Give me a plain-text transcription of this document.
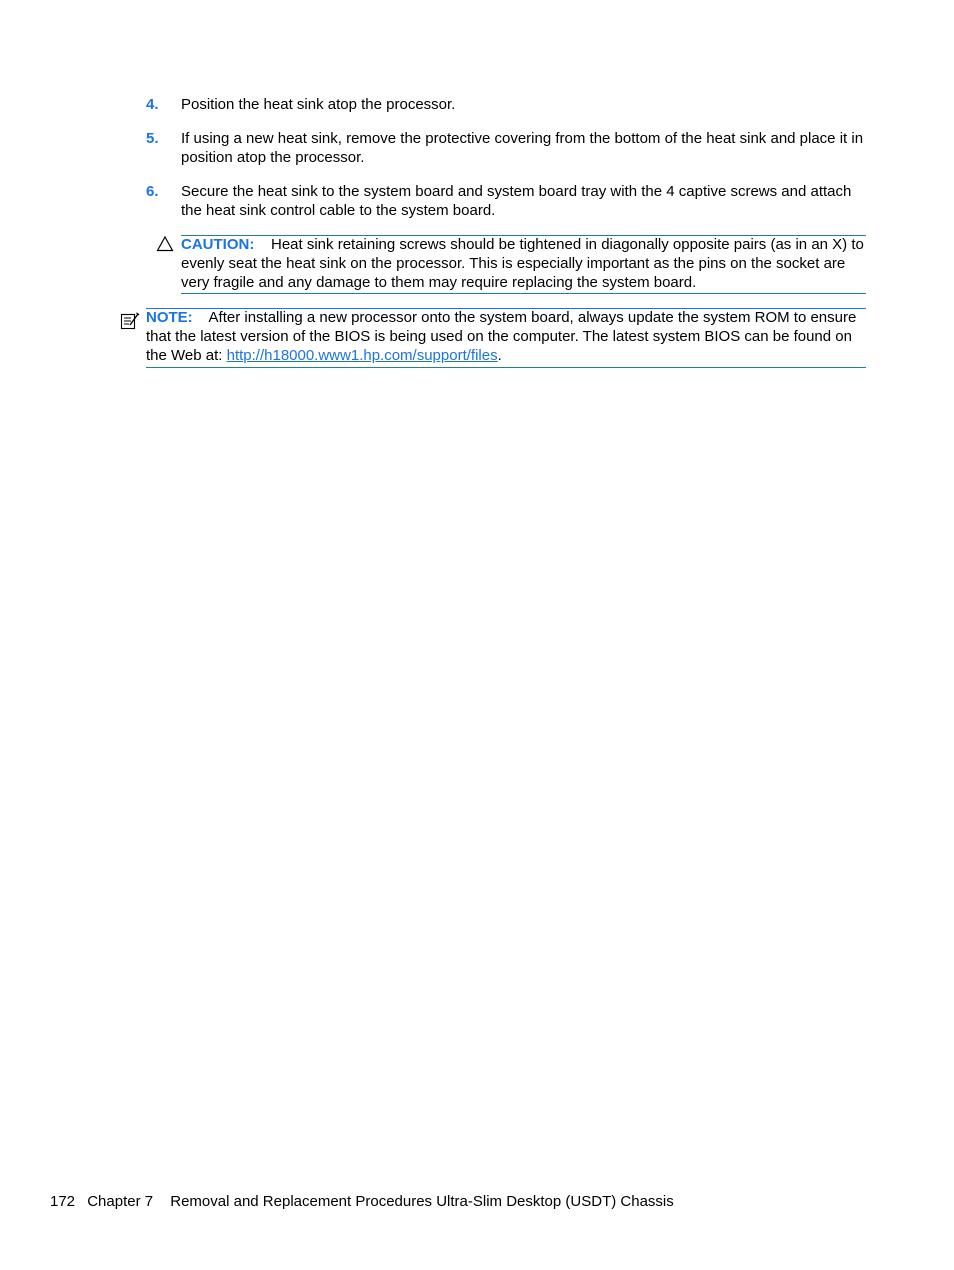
4. Position the heat sink atop the processor.
5. If using a new heat sink, remove the protective covering from the bottom of the heat sink and place it in position atop the processor.
6. Secure the heat sink to the system board and system board tray with the 4 captive screws and attach the heat sink control cable to the system board.
CAUTION: Heat sink retaining screws should be tightened in diagonally opposite pairs (as in an X) to evenly seat the heat sink on the processor. This is especially important as the pins on the socket are very fragile and any damage to them may require replacing the system board.
NOTE: After installing a new processor onto the system board, always update the system ROM to ensure that the latest version of the BIOS is being used on the computer. The latest system BIOS can be found on the Web at: http://h18000.www1.hp.com/support/files.
172 Chapter 7 Removal and Replacement Procedures Ultra-Slim Desktop (USDT) Chassis
